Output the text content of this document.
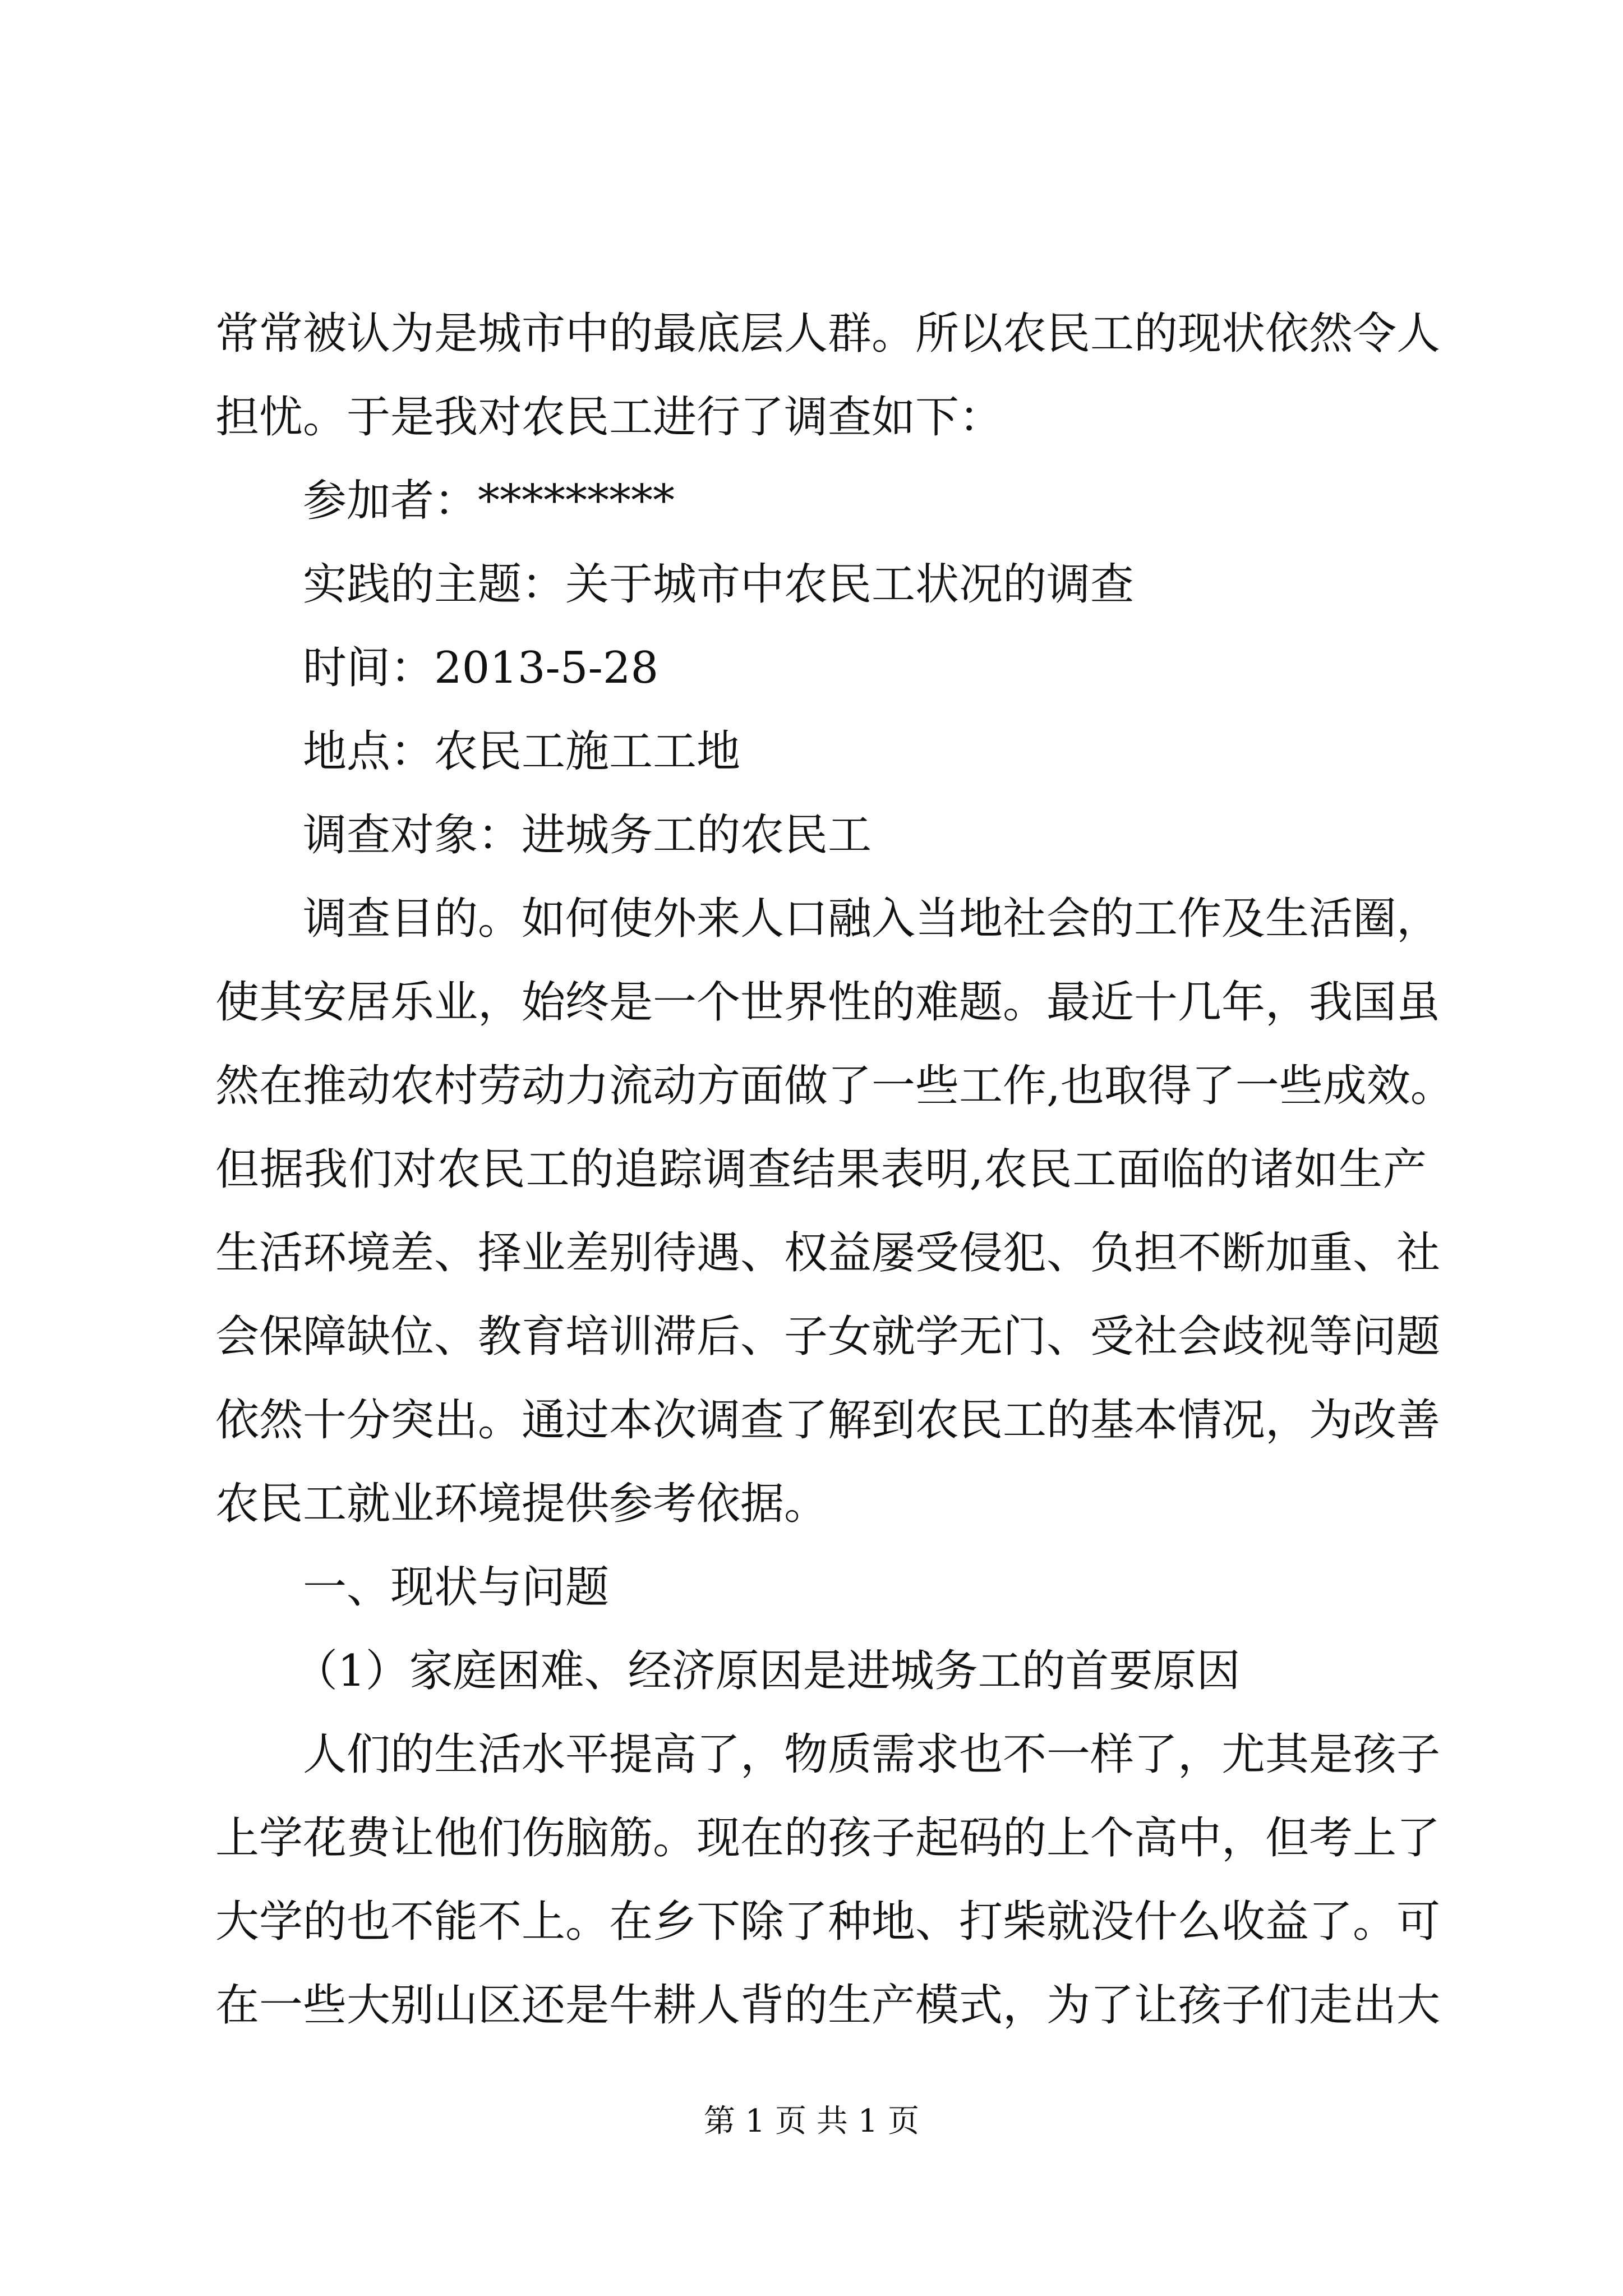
常常被认为是城市中的最底层人群。所以农民工的现状依然令人
担忧。于是我对农民工进行了调查如下：
参加者：*********
实践的主题：关于城市中农民工状况的调查
时间：2013-5-28
地点：农民工施工工地
调查对象：进城务工的农民工
调查目的。如何使外来人口融入当地社会的工作及生活圈，
使其安居乐业，始终是一个世界性的难题。最近十几年，我国虽
然在推动农村劳动力流动方面做了一些工作,也取得了一些成效。
但据我们对农民工的追踪调查结果表明,农民工面临的诸如生产
生活环境差、择业差别待遇、权益屡受侵犯、负担不断加重、社
会保障缺位、教育培训滞后、子女就学无门、受社会歧视等问题
依然十分突出。通过本次调查了解到农民工的基本情况，为改善
农民工就业环境提供参考依据。
一、现状与问题
（1）家庭困难、经济原因是进城务工的首要原因
人们的生活水平提高了，物质需求也不一样了，尤其是孩子
上学花费让他们伤脑筋。现在的孩子起码的上个高中，但考上了
大学的也不能不上。在乡下除了种地、打柴就没什么收益了。可
在一些大别山区还是牛耕人背的生产模式，为了让孩子们走出大
第 1 页 共 1 页
